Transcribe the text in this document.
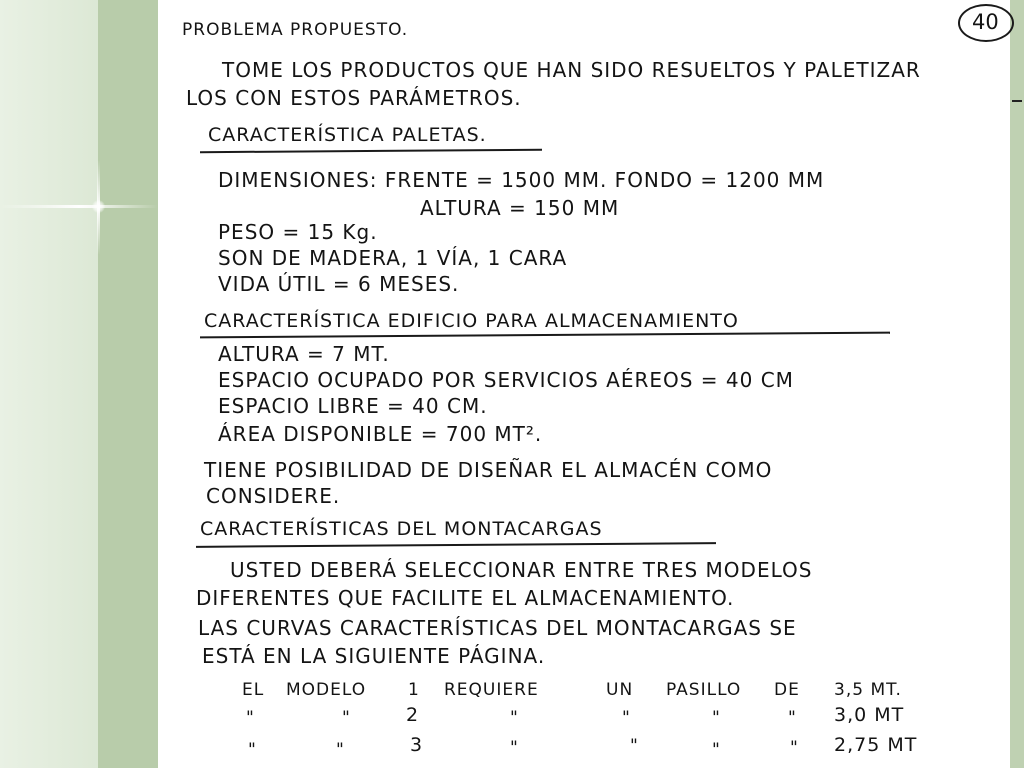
40
PROBLEMA PROPUESTO.
TOME LOS PRODUCTOS QUE HAN SIDO RESUELTOS Y PALETIZAR
LOS CON ESTOS PARÁMETROS.
CARACTERÍSTICA PALETAS.
DIMENSIONES: FRENTE = 1500 MM. FONDO = 1200 MM
ALTURA = 150 MM
PESO = 15 Kg.
SON DE MADERA, 1 VÍA, 1 CARA
VIDA ÚTIL = 6 MESES.
CARACTERÍSTICA EDIFICIO PARA ALMACENAMIENTO
ALTURA = 7 MT.
ESPACIO OCUPADO POR SERVICIOS AÉREOS = 40 CM
ESPACIO LIBRE = 40 CM.
ÁREA DISPONIBLE = 700 MT².
TIENE POSIBILIDAD DE DISEÑAR EL ALMACÉN COMO
CONSIDERE.
CARACTERÍSTICAS DEL MONTACARGAS
USTED DEBERÁ SELECCIONAR ENTRE TRES MODELOS
DIFERENTES QUE FACILITE EL ALMACENAMIENTO.
LAS CURVAS CARACTERÍSTICAS DEL MONTACARGAS SE
ESTÁ EN LA SIGUIENTE PÁGINA.
EL MODELO 1 REQUIERE	UN PASILLO DE 3,5 MT.
"	"	2	"	"	"	" 3,0 MT
"	"	3	"	"	"	" 2,75 MT
